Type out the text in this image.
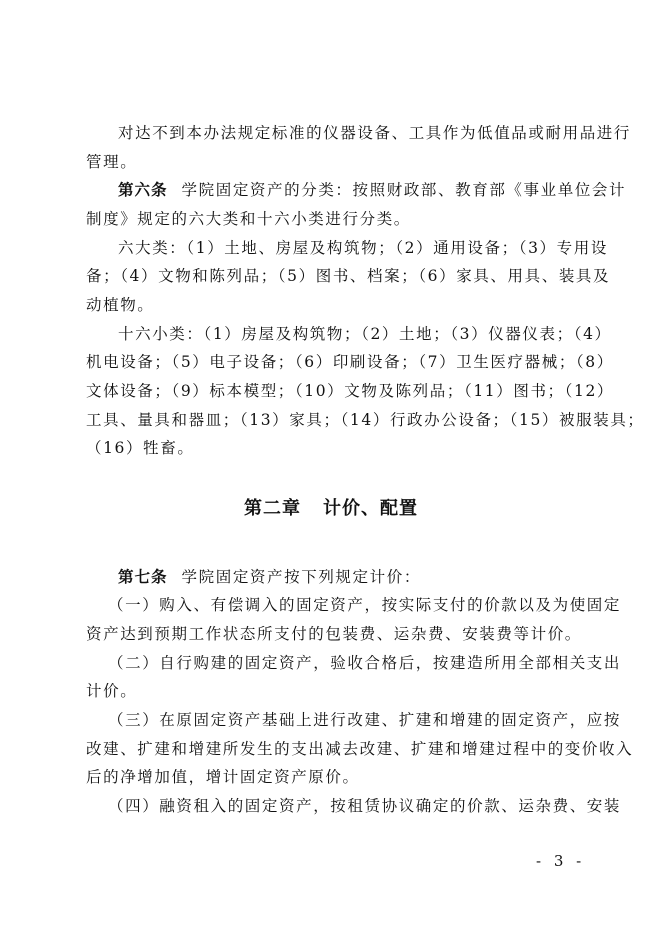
对达不到本办法规定标准的仪器设备、工具作为低值品或耐用品进行
管理。
第六条 学院固定资产的分类：按照财政部、教育部《事业单位会计
制度》规定的六大类和十六小类进行分类。
六大类：（1）土地、房屋及构筑物；（2）通用设备；（3）专用设
备；（4）文物和陈列品；（5）图书、档案；（6）家具、用具、装具及
动植物。
十六小类：（1）房屋及构筑物；（2）土地；（3）仪器仪表；（4）
机电设备；（5）电子设备；（6）印刷设备；（7）卫生医疗器械；（8）
文体设备；（9）标本模型；（10）文物及陈列品；（11）图书；（12）
工具、量具和器皿；（13）家具；（14）行政办公设备；（15）被服装具；
（16）牲畜。
第二章 计价、配置
第七条 学院固定资产按下列规定计价：
（一）购入、有偿调入的固定资产，按实际支付的价款以及为使固定
资产达到预期工作状态所支付的包装费、运杂费、安装费等计价。
（二）自行购建的固定资产，验收合格后，按建造所用全部相关支出
计价。
（三）在原固定资产基础上进行改建、扩建和增建的固定资产，应按
改建、扩建和增建所发生的支出减去改建、扩建和增建过程中的变价收入
后的净增加值，增计固定资产原价。
（四）融资租入的固定资产，按租赁协议确定的价款、运杂费、安装
- 3 -
